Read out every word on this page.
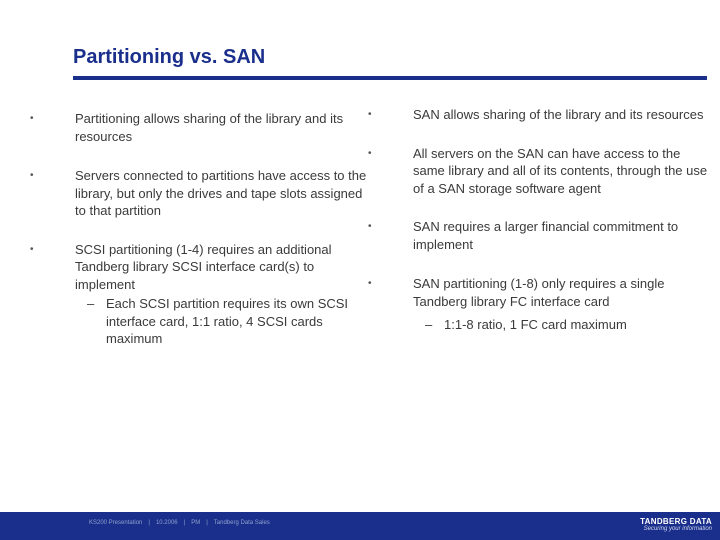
Partitioning vs. SAN
•	Partitioning allows sharing of the library and its resources
•	Servers connected to partitions have access to the library, but only the drives and tape slots assigned to that partition
•	SCSI partitioning (1-4) requires an additional Tandberg library SCSI interface card(s) to implement
– Each SCSI partition requires its own SCSI interface card, 1:1 ratio, 4 SCSI cards maximum
•	SAN allows sharing of the library and its resources
•	All servers on the SAN can have access to the same library and all of its contents, through the use of a SAN storage software agent
•	SAN requires a larger financial commitment to implement
•	SAN partitioning (1-8) only requires a single Tandberg library FC interface card
– 1:1-8 ratio, 1 FC card maximum
KS200 Presentation | 10.2006 | PM | Tandberg Data Sales	TANDBERG DATA
Securing your information
